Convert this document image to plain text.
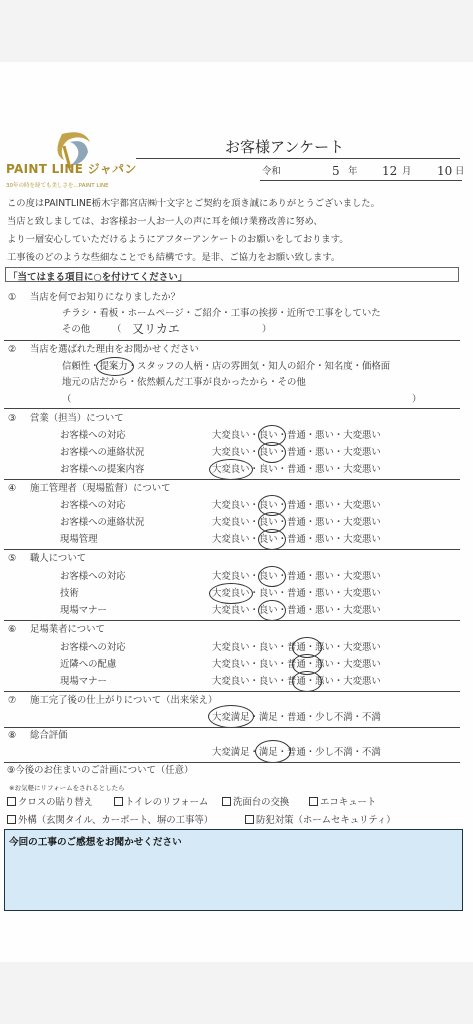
PAINT LINE ジャパン
30年の時を経ても美しさを...PAINT LINE
お客様アンケート
令和	5 年 12 月 10 日
この度はPAINTLINE栃木宇都宮店㈱十文字とご契約を頂き誠にありがとうございました。
当店と致しましては、お客様お一人お一人の声に耳を傾け業務改善に努め、
より一層安心していただけるようにアフターアンケートのお願いをしております。
工事後のどのような些細なことでも結構です。是非、ご協力をお願い致します。
「当てはまる項目に○を付けてください」
① 当店を何でお知りになりましたか？
チラシ・看板・ホームページ・ご紹介・工事の挨拶・近所で工事をしていた
その他 （ 又リカエ	）
② 当店を選ばれた理由をお聞かせください
信頼性・提案力・スタッフの人柄・店の雰囲気・知人の紹介・知名度・価格面
地元の店だから・依然頼んだ工事が良かったから・その他
（	）
③ 営業（担当）について
お客様への対応	大変良い・良い・普通・悪い・大変悪い
お客様への連絡状況	大変良い・良い・普通・悪い・大変悪い
お客様への提案内容	大変良い・良い・普通・悪い・大変悪い
④ 施工管理者（現場監督）について
お客様への対応	大変良い・良い・普通・悪い・大変悪い
お客様への連絡状況	大変良い・良い・普通・悪い・大変悪い
現場管理	大変良い・良い・普通・悪い・大変悪い
⑤ 職人について
お客様への対応	大変良い・良い・普通・悪い・大変悪い
技術	大変良い・良い・普通・悪い・大変悪い
現場マナー	大変良い・良い・普通・悪い・大変悪い
⑥ 足場業者について
お客様への対応	大変良い・良い・普通・悪い・大変悪い
近隣への配慮	大変良い・良い・普通・悪い・大変悪い
現場マナー	大変良い・良い・普通・悪い・大変悪い
⑦ 施工完了後の仕上がりについて（出来栄え）
大変満足・満足・普通・少し不満・不満
⑧ 総合評価
大変満足・満足・普通・少し不満・不満
⑨今後のお住まいのご計画について（任意）
※お気軽にリフォームをされるとしたら
クロスの貼り替え	トイレのリフォーム	洗面台の交換	エコキュート
外構（玄関タイル、カーポート、塀の工事等）	防犯対策（ホームセキュリティ）
今回の工事のご感想をお聞かせください
